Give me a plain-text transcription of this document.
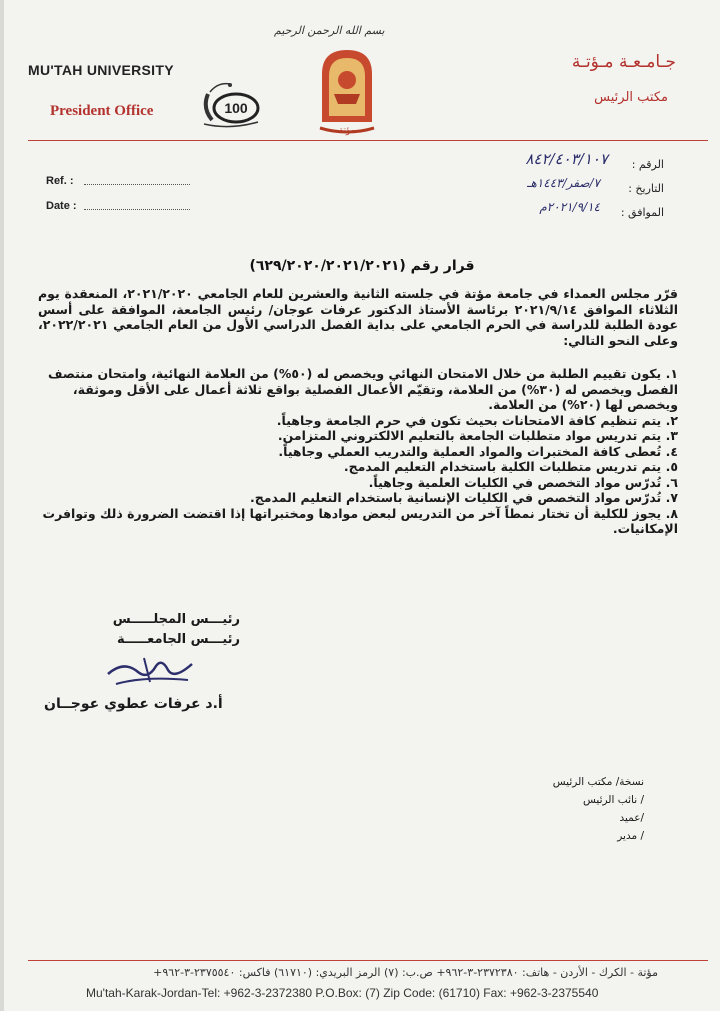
بسم الله الرحمن الرحيم
MU'TAH UNIVERSITY
President Office	100
مؤتة
جـامـعـة مـؤتـة
مكتب الرئيس
Ref. :
Date :
الرقم :
٨٤٢/٤٠٣/١٠٧
التاريخ :
٧/صفر/١٤٤٣هـ
الموافق :
٢٠٢١/٩/١٤م
قرار رقم (٦٢٩/٢٠٢٠/٢٠٢١/٢٠٢١)
قرّر مجلس العمداء في جامعة مؤتة في جلسته الثانية والعشرين للعام الجامعي ٢٠٢١/٢٠٢٠، المنعقدة يوم الثلاثاء الموافق ٢٠٢١/٩/١٤ برئاسة الأستاذ الدكتور عرفات عوجان/ رئيس الجامعة، الموافقة على أسس عودة الطلبة للدراسة في الحرم الجامعي على بداية الفصل الدراسي الأول من العام الجامعي ٢٠٢٢/٢٠٢١، وعلى النحو التالي:

١. يكون تقييم الطلبة من خلال الامتحان النهائي ويخصص له (٥٠%) من العلامة النهائية، وامتحان منتصف الفصل ويخصص له (٣٠%) من العلامة، وتقيّم الأعمال الفصلية بواقع ثلاثة أعمال على الأقل وموثقة، ويخصص لها (٢٠%) من العلامة.

٢. يتم تنظيم كافة الامتحانات بحيث تكون في حرم الجامعة وجاهياً.

٣. يتم تدريس مواد متطلبات الجامعة بالتعليم الالكتروني المتزامن.

٤. تُعطى كافة المختبرات والمواد العملية والتدريب العملي وجاهياً.

٥. يتم تدريس متطلبات الكلية باستخدام التعليم المدمج.

٦. تُدرّس مواد التخصص في الكليات العلمية وجاهياً.

٧. تُدرّس مواد التخصص في الكليات الإنسانية باستخدام التعليم المدمج.

٨. يجوز للكلية أن تختار نمطاً آخر من التدريس لبعض موادها ومختبراتها إذا اقتضت الضرورة ذلك وتوافرت الإمكانيات.

رئيـــس المجلـــــس
رئيـــس الجامعـــــة
أ.د عرفات عطوي عوجــان
نسخة/ مكتب الرئيس
/ نائب الرئيس
/عميد
/ مدير
مؤتة - الكرك - الأردن - هاتف: ٢٣٧٢٣٨٠-٣-٩٦٢+ ص.ب: (٧) الرمز البريدي: (٦١٧١٠) فاكس: ٢٣٧٥٥٤٠-٣-٩٦٢+
Mu'tah-Karak-Jordan-Tel: +962-3-2372380 P.O.Box: (7) Zip Code: (61710) Fax: +962-3-2375540
